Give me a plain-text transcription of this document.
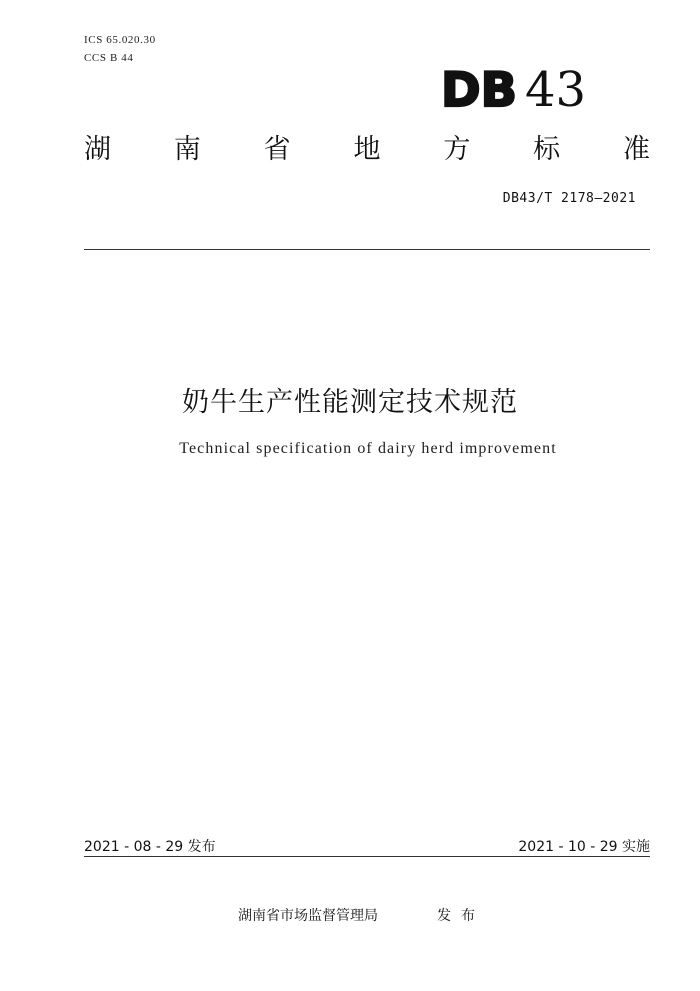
ICS 65.020.30
CCS B 44
DB 43
湖 南 省 地 方 标 准
DB43/T 2178—2021
奶牛生产性能测定技术规范
Technical specification of dairy herd improvement
2021 - 08 - 29 发布	2021 - 10 - 29 实施
湖南省市场监督管理局	发布
